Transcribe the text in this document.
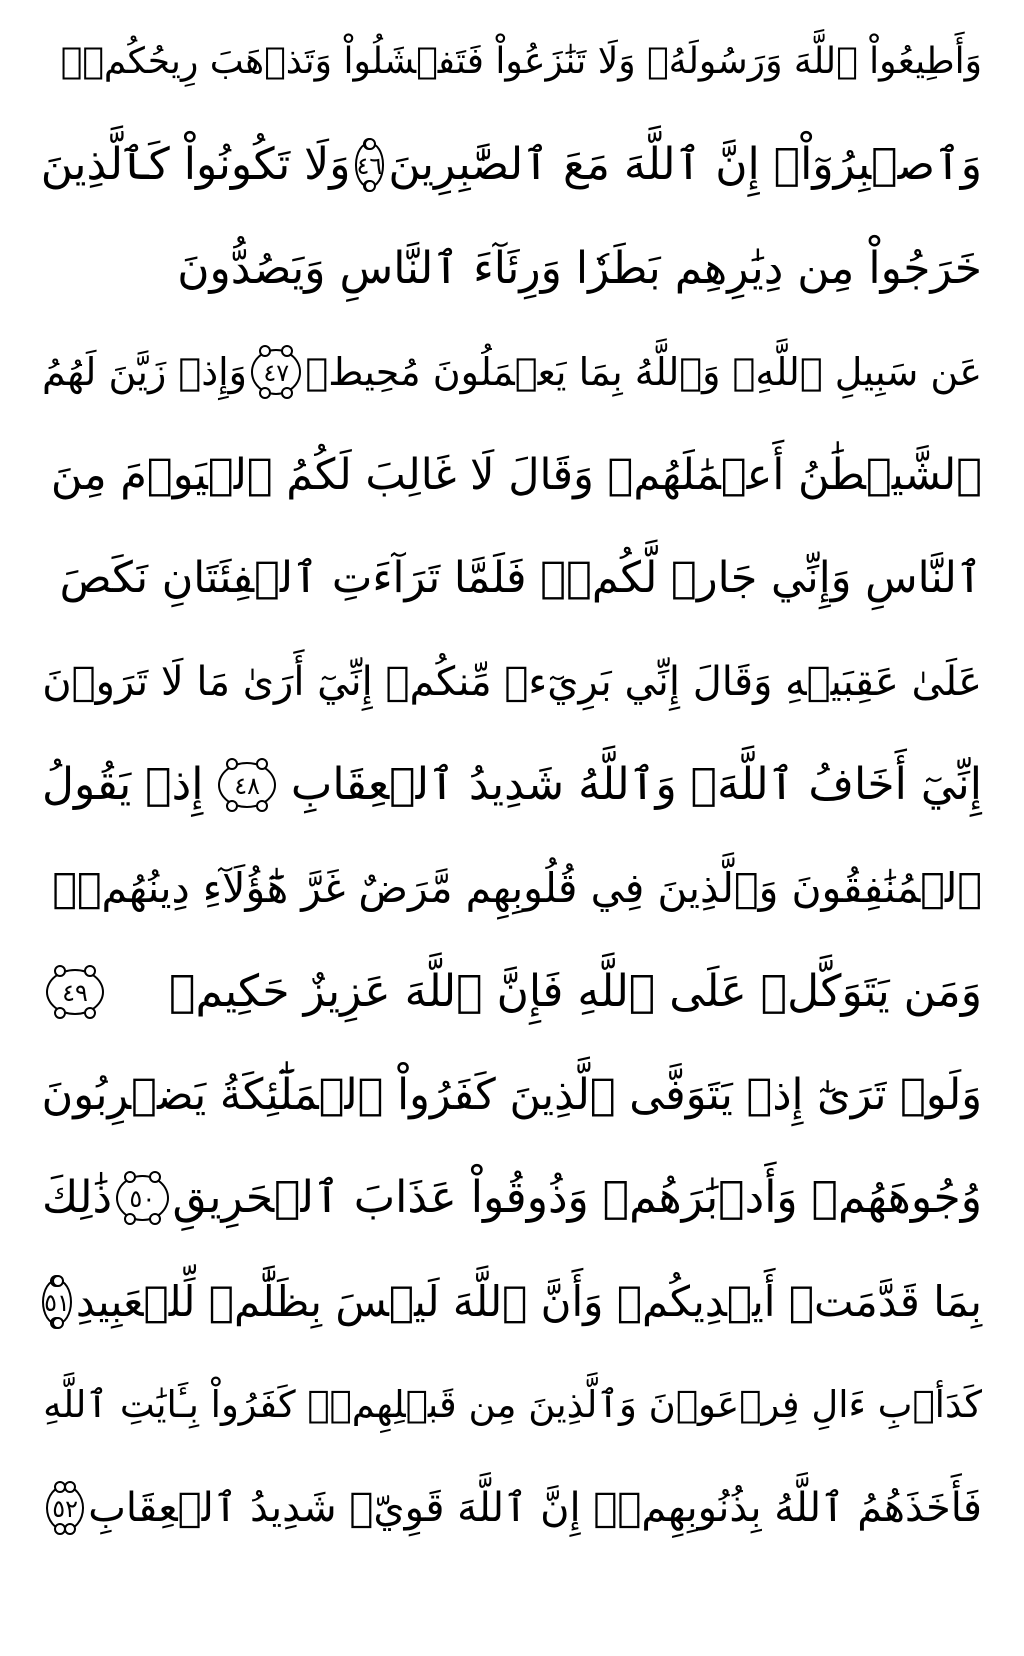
وَأَطِيعُواْ ٱللَّهَ وَرَسُولَهُۥ وَلَا تَنَٰزَعُواْ فَتَفۡشَلُواْ وَتَذۡهَبَ رِيحُكُمۡۖ
وَٱصۡبِرُوٓاْۚ إِنَّ ٱللَّهَ مَعَ ٱلصَّٰبِرِينَ
٤٦
وَلَا تَكُونُواْ كَٱلَّذِينَ
خَرَجُواْ مِن دِيَٰرِهِم بَطَرٗا وَرِئَآءَ ٱلنَّاسِ وَيَصُدُّونَ
عَن سَبِيلِ ٱللَّهِۚ وَٱللَّهُ بِمَا يَعۡمَلُونَ مُحِيطٞ
٤٧
وَإِذۡ زَيَّنَ لَهُمُ
ٱلشَّيۡطَٰنُ أَعۡمَٰلَهُمۡ وَقَالَ لَا غَالِبَ لَكُمُ ٱلۡيَوۡمَ مِنَ
ٱلنَّاسِ وَإِنِّي جَارٞ لَّكُمۡۖ فَلَمَّا تَرَآءَتِ ٱلۡفِئَتَانِ نَكَصَ
عَلَىٰ عَقِبَيۡهِ وَقَالَ إِنِّي بَرِيٓءٞ مِّنكُمۡ إِنِّيٓ أَرَىٰ مَا لَا تَرَوۡنَ
إِنِّيٓ أَخَافُ ٱللَّهَۚ وَٱللَّهُ شَدِيدُ ٱلۡعِقَابِ
٤٨
إِذۡ يَقُولُ
ٱلۡمُنَٰفِقُونَ وَٱلَّذِينَ فِي قُلُوبِهِم مَّرَضٌ غَرَّ هَٰٓؤُلَآءِ دِينُهُمۡۗ
وَمَن يَتَوَكَّلۡ عَلَى ٱللَّهِ فَإِنَّ ٱللَّهَ عَزِيزٌ حَكِيمٞ
٤٩
وَلَوۡ تَرَىٰٓ إِذۡ يَتَوَفَّى ٱلَّذِينَ كَفَرُواْ ٱلۡمَلَٰٓئِكَةُ يَضۡرِبُونَ
وُجُوهَهُمۡ وَأَدۡبَٰرَهُمۡ وَذُوقُواْ عَذَابَ ٱلۡحَرِيقِ
٥٠
ذَٰلِكَ
بِمَا قَدَّمَتۡ أَيۡدِيكُمۡ وَأَنَّ ٱللَّهَ لَيۡسَ بِظَلَّٰمٖ لِّلۡعَبِيدِ
٥١
كَدَأۡبِ ءَالِ فِرۡعَوۡنَ وَٱلَّذِينَ مِن قَبۡلِهِمۡۚ كَفَرُواْ بِـَٔايَٰتِ ٱللَّهِ
فَأَخَذَهُمُ ٱللَّهُ بِذُنُوبِهِمۡۗ إِنَّ ٱللَّهَ قَوِيّٞ شَدِيدُ ٱلۡعِقَابِ
٥٢
